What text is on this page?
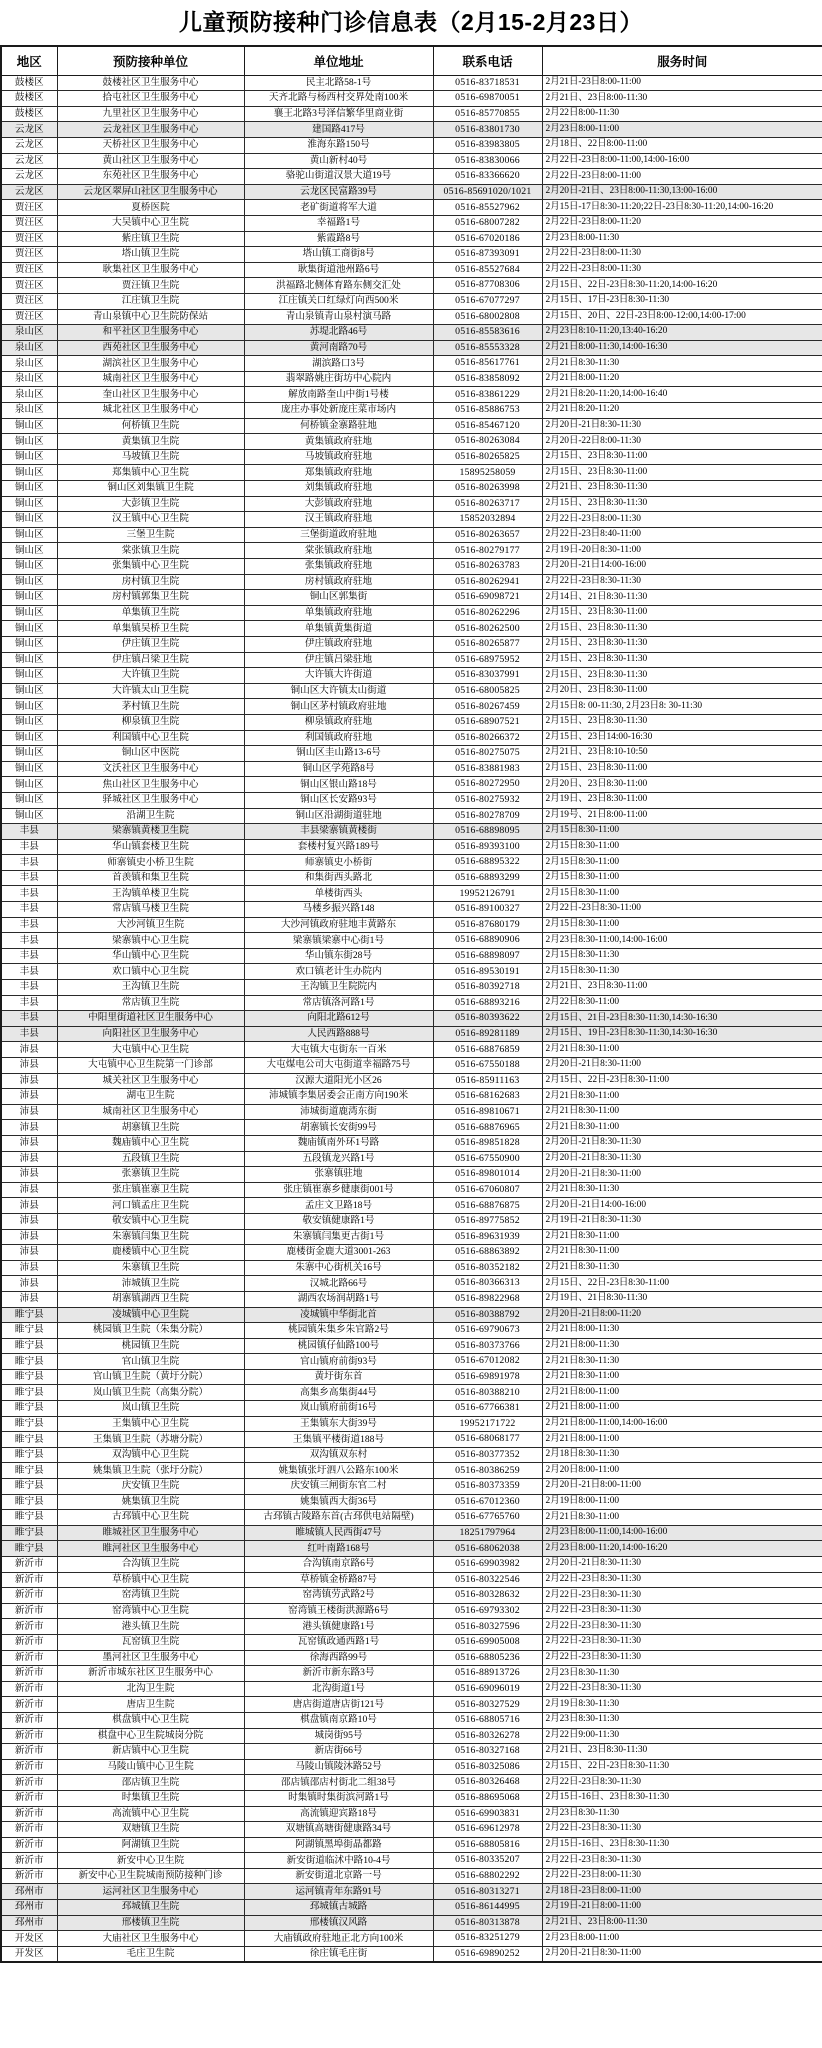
儿童预防接种门诊信息表（2月15-2月23日）
地区	预防接种单位	单位地址	联系电话	服务时间
鼓楼区	鼓楼社区卫生服务中心	民主北路58-1号	0516-83718531	2月21日-23日8:00-11:00
鼓楼区	拾屯社区卫生服务中心	天齐北路与杨西村交界处南100米	0516-69870051	2月21日、23日8:00-11:30
鼓楼区	九里社区卫生服务中心	襄王北路3号泽信繁华里商业街	0516-85770855	2月22日8:00-11:30
云龙区	云龙社区卫生服务中心	建国路417号	0516-83801730	2月23日8:00-11:00
云龙区	天桥社区卫生服务中心	淮海东路150号	0516-83983805	2月18日、22日8:00-11:00
云龙区	黄山社区卫生服务中心	黄山新村40号	0516-83830066	2月22日-23日8:00-11:00,14:00-16:00
云龙区	东苑社区卫生服务中心	骆驼山街道汉景大道19号	0516-83366620	2月22日-23日8:00-11:00
云龙区	云龙区翠屏山社区卫生服务中心	云龙区民富路39号	0516-85691020/1021	2月20日-21日、23日8:00-11:30,13:00-16:00
贾汪区	夏桥医院	老矿街道将军大道	0516-85527962	2月15日-17日8:30-11:20;22日-23日8:30-11:20,14:00-16:20
贾汪区	大吴镇中心卫生院	幸福路1号	0516-68007282	2月22日-23日8:00-11:20
贾汪区	紫庄镇卫生院	紫霞路8号	0516-67020186	2月23日8:00-11:30
贾汪区	塔山镇卫生院	塔山镇工商街8号	0516-87393091	2月22日-23日8:00-11:30
贾汪区	耿集社区卫生服务中心	耿集街道池州路6号	0516-85527684	2月22日-23日8:00-11:30
贾汪区	贾汪镇卫生院	洪福路北侧体育路东侧交汇处	0516-87708306	2月15日、22日-23日8:30-11:20,14:00-16:20
贾汪区	江庄镇卫生院	江庄镇关口红绿灯向西500米	0516-67077297	2月15日、17日-23日8:30-11:30
贾汪区	青山泉镇中心卫生院防保站	青山泉镇青山泉村演马路	0516-68002808	2月15日、20日、22日-23日8:00-12:00,14:00-17:00
泉山区	和平社区卫生服务中心	苏堤北路46号	0516-85583616	2月23日8:10-11:20,13:40-16:20
泉山区	西苑社区卫生服务中心	黄河南路70号	0516-85553328	2月21日8:00-11:30,14:00-16:30
泉山区	湖滨社区卫生服务中心	湖滨路口3号	0516-85617761	2月21日8:30-11:30
泉山区	城南社区卫生服务中心	翡翠路姚庄街坊中心院内	0516-83858092	2月21日8:00-11:20
泉山区	奎山社区卫生服务中心	解放南路奎山中街1号楼	0516-83861229	2月21日8:20-11:20,14:00-16:40
泉山区	城北社区卫生服务中心	庞庄办事处新庞庄菜市场内	0516-85886753	2月21日8:20-11:20
铜山区	何桥镇卫生院	何桥镇金寨路驻地	0516-85467120	2月20日-21日8:30-11:30
铜山区	黄集镇卫生院	黄集镇政府驻地	0516-80263084	2月20日-22日8:00-11:30
铜山区	马坡镇卫生院	马坡镇政府驻地	0516-80265825	2月15日、23日8:30-11:00
铜山区	郑集镇中心卫生院	郑集镇政府驻地	15895258059	2月15日、23日8:30-11:00
铜山区	铜山区刘集镇卫生院	刘集镇政府驻地	0516-80263998	2月21日、23日8:30-11:30
铜山区	大彭镇卫生院	大彭镇政府驻地	0516-80263717	2月15日、23日8:30-11:30
铜山区	汉王镇中心卫生院	汉王镇政府驻地	15852032894	2月22日-23日8:00-11:30
铜山区	三堡卫生院	三堡街道政府驻地	0516-80263657	2月22日-23日8:40-11:00
铜山区	棠张镇卫生院	棠张镇政府驻地	0516-80279177	2月19日-20日8:30-11:00
铜山区	张集镇中心卫生院	张集镇政府驻地	0516-80263783	2月20日-21日14:00-16:00
铜山区	房村镇卫生院	房村镇政府驻地	0516-80262941	2月22日-23日8:30-11:30
铜山区	房村镇郭集卫生院	铜山区郭集街	0516-69098721	2月14日、21日8:30-11:30
铜山区	单集镇卫生院	单集镇政府驻地	0516-80262296	2月15日、23日8:30-11:00
铜山区	单集镇吴桥卫生院	单集镇黄集街道	0516-80262500	2月15日、23日8:30-11:30
铜山区	伊庄镇卫生院	伊庄镇政府驻地	0516-80265877	2月15日、23日8:30-11:30
铜山区	伊庄镇吕梁卫生院	伊庄镇吕梁驻地	0516-68975952	2月15日、23日8:30-11:30
铜山区	大许镇卫生院	大许镇大许街道	0516-83037991	2月15日、23日8:30-11:30
铜山区	大许镇太山卫生院	铜山区大许镇太山街道	0516-68005825	2月20日、23日8:30-11:00
铜山区	茅村镇卫生院	铜山区茅村镇政府驻地	0516-80267459	2月15日8: 00-11:30, 2月23日8: 30-11:30
铜山区	柳泉镇卫生院	柳泉镇政府驻地	0516-68907521	2月15日、23日8:30-11:30
铜山区	利国镇中心卫生院	利国镇政府驻地	0516-80266372	2月15日、23日14:00-16:30
铜山区	铜山区中医院	铜山区圭山路13-6号	0516-80275075	2月21日、23日8:10-10:50
铜山区	文沃社区卫生服务中心	铜山区学苑路8号	0516-83881983	2月15日、23日8:30-11:00
铜山区	焦山社区卫生服务中心	铜山区银山路18号	0516-80272950	2月20日、23日8:30-11:00
铜山区	驿城社区卫生服务中心	铜山区长安路93号	0516-80275932	2月19日、23日8:30-11:00
铜山区	沿湖卫生院	铜山区沿湖街道驻地	0516-80278709	2月19号、21日8:00-11:00
丰县	梁寨镇黄楼卫生院	丰县梁寨镇黄楼街	0516-68898095	2月15日8:30-11:00
丰县	华山镇套楼卫生院	套楼村复兴路189号	0516-89393100	2月15日8:30-11:00
丰县	师寨镇史小桥卫生院	师寨镇史小桥街	0516-68895322	2月15日8:30-11:00
丰县	首羡镇和集卫生院	和集街西头路北	0516-68893299	2月15日8:30-11:00
丰县	王沟镇单楼卫生院	单楼街西头	19952126791	2月15日8:30-11:00
丰县	常店镇马楼卫生院	马楼乡振兴路148	0516-89100327	2月22日-23日8:30-11:00
丰县	大沙河镇卫生院	大沙河镇政府驻地丰黄路东	0516-87680179	2月15日8:30-11:00
丰县	梁寨镇中心卫生院	梁寨镇梁寨中心街1号	0516-68890906	2月23日8:30-11:00,14:00-16:00
丰县	华山镇中心卫生院	华山镇东街28号	0516-68898097	2月15日8:30-11:30
丰县	欢口镇中心卫生院	欢口镇老计生办院内	0516-89530191	2月15日8:30-11:30
丰县	王沟镇卫生院	王沟镇卫生院院内	0516-80392718	2月21日、23日8:30-11:00
丰县	常店镇卫生院	常店镇洛河路1号	0516-68893216	2月22日8:30-11:00
丰县	中阳里街道社区卫生服务中心	向阳北路612号	0516-80393622	2月15日、21日-23日8:30-11:30,14:30-16:30
丰县	向阳社区卫生服务中心	人民西路888号	0516-89281189	2月15日、19日-23日8:30-11:30,14:30-16:30
沛县	大屯镇中心卫生院	大屯镇大屯街东一百米	0516-68876859	2月21日8:30-11:00
沛县	大屯镇中心卫生院第一门诊部	大屯煤电公司大屯街道幸福路75号	0516-67550188	2月20日-21日8:30-11:00
沛县	城关社区卫生服务中心	汉源大道阳光小区26	0516-85911163	2月15日、22日-23日8:30-11:00
沛县	湖屯卫生院	沛城镇李集居委会正南方向190米	0516-68162683	2月21日8:30-11:00
沛县	城南社区卫生服务中心	沛城街道鹿湾东街	0516-89810671	2月21日8:30-11:00
沛县	胡寨镇卫生院	胡寨镇长安街99号	0516-68876965	2月21日8:30-11:00
沛县	魏庙镇中心卫生院	魏庙镇南外环1号路	0516-89851828	2月20日-21日8:30-11:30
沛县	五段镇卫生院	五段镇龙兴路1号	0516-67550900	2月20日-21日8:30-11:30
沛县	张寨镇卫生院	张寨镇驻地	0516-89801014	2月20日-21日8:30-11:00
沛县	张庄镇崔寨卫生院	张庄镇崔寨乡健康街001号	0516-67060807	2月21日8:30-11:30
沛县	河口镇孟庄卫生院	孟庄文卫路18号	0516-68876875	2月20日-21日14:00-16:00
沛县	敬安镇中心卫生院	敬安镇健康路1号	0516-89775852	2月19日-21日8:30-11:30
沛县	朱寨镇闫集卫生院	朱寨镇闫集更古街1号	0516-89631939	2月21日8:30-11:00
沛县	鹿楼镇中心卫生院	鹿楼街金鹿大道3001-263	0516-68863892	2月21日8:30-11:00
沛县	朱寨镇卫生院	朱寨中心街机关16号	0516-80352182	2月21日8:30-11:30
沛县	沛城镇卫生院	汉城北路66号	0516-80366313	2月15日、22日-23日8:30-11:00
沛县	胡寨镇湖西卫生院	湖西农场润胡路1号	0516-89822968	2月19日、21日8:30-11:30
睢宁县	凌城镇中心卫生院	凌城镇中华街北首	0516-80388792	2月20日-21日8:00-11:20
睢宁县	桃园镇卫生院（朱集分院）	桃园镇朱集乡朱官路2号	0516-69790673	2月21日8:00-11:30
睢宁县	桃园镇卫生院	桃园镇仔仙路100号	0516-80373766	2月21日8:00-11:30
睢宁县	官山镇卫生院	官山镇府前街93号	0516-67012082	2月21日8:30-11:30
睢宁县	官山镇卫生院（黄圩分院）	黄圩街东首	0516-69891978	2月21日8:30-11:00
睢宁县	岚山镇卫生院（高集分院）	高集乡高集街44号	0516-80388210	2月21日8:00-11:00
睢宁县	岚山镇卫生院	岚山镇府前街16号	0516-67766381	2月21日8:00-11:00
睢宁县	王集镇中心卫生院	王集镇东大街39号	19952171722	2月21日8:00-11:00,14:00-16:00
睢宁县	王集镇卫生院（苏塘分院）	王集镇平楼街道188号	0516-68068177	2月21日8:00-11:00
睢宁县	双沟镇中心卫生院	双沟镇双东村	0516-80377352	2月18日8:30-11:30
睢宁县	姚集镇卫生院（张圩分院）	姚集镇张圩泗八公路东100米	0516-80386259	2月20日8:00-11:00
睢宁县	庆安镇卫生院	庆安镇三闸街东官二村	0516-80373359	2月20日-21日8:00-11:00
睢宁县	姚集镇卫生院	姚集镇西大街36号	0516-67012360	2月19日8:00-11:00
睢宁县	古邳镇中心卫生院	古邳镇古陵路东首(古邳供电站隔壁)	0516-67765760	2月21日8:30-11:00
睢宁县	睢城社区卫生服务中心	睢城镇人民西街47号	18251797964	2月23日8:00-11:00,14:00-16:00
睢宁县	睢河社区卫生服务中心	红叶南路168号	0516-68062038	2月23日8:00-11:20,14:00-16:20
新沂市	合沟镇卫生院	合沟镇南京路6号	0516-69903982	2月20日-21日8:30-11:30
新沂市	草桥镇中心卫生院	草桥镇金桥路87号	0516-80322546	2月22日-23日8:30-11:30
新沂市	窑湾镇卫生院	窑湾镇劳武路2号	0516-80328632	2月22日-23日8:30-11:30
新沂市	窑湾镇中心卫生院	窑湾镇王楼街洪源路6号	0516-69793302	2月22日-23日8:30-11:30
新沂市	港头镇卫生院	港头镇健康路1号	0516-80327596	2月22日-23日8:30-11:30
新沂市	瓦窑镇卫生院	瓦窑镇政通西路1号	0516-69905008	2月22日-23日8:30-11:30
新沂市	墨河社区卫生服务中心	徐海西路99号	0516-68805236	2月22日-23日8:30-11:30
新沂市	新沂市城东社区卫生服务中心	新沂市新东路3号	0516-88913726	2月23日8:30-11:30
新沂市	北沟卫生院	北沟街道1号	0516-69096019	2月22日-23日8:30-11:30
新沂市	唐店卫生院	唐店街道唐店街121号	0516-80327529	2月19日8:30-11:30
新沂市	棋盘镇中心卫生院	棋盘镇南京路10号	0516-68805716	2月23日8:30-11:30
新沂市	棋盘中心卫生院城岗分院	城岗街95号	0516-80326278	2月22日9:00-11:30
新沂市	新店镇中心卫生院	新店街66号	0516-80327168	2月21日、23日8:30-11:30
新沂市	马陵山镇中心卫生院	马陵山镇陵沐路52号	0516-80325086	2月15日、22日-23日8:30-11:30
新沂市	邵店镇卫生院	邵店镇邵店村街北二组38号	0516-80326468	2月22日-23日8:30-11:30
新沂市	时集镇卫生院	时集镇时集街滨河路1号	0516-88695068	2月15日-16日、23日8:30-11:30
新沂市	高流镇中心卫生院	高流镇迎宾路18号	0516-69903831	2月23日8:30-11:30
新沂市	双塘镇卫生院	双塘镇高塘街健康路34号	0516-69612978	2月22日-23日8:30-11:30
新沂市	阿湖镇卫生院	阿湖镇黑埠街晶都路	0516-68805816	2月15日-16日、23日8:30-11:30
新沂市	新安中心卫生院	新安街道临沭中路10-4号	0516-80335207	2月22日-23日8:30-11:30
新沂市	新安中心卫生院城南预防接种门诊	新安街道北京路一号	0516-68802292	2月22日-23日8:00-11:30
邳州市	运河社区卫生服务中心	运河镇青年东路91号	0516-80313271	2月18日-23日8:00-11:00
邳州市	邳城镇卫生院	邳城镇古城路	0516-86144995	2月19日-21日8:00-11:00
邳州市	邢楼镇卫生院	邢楼镇汉风路	0516-80313878	2月21日、23日8:00-11:30
开发区	大庙社区卫生服务中心	大庙镇政府驻地正北方向100米	0516-83251279	2月23日8:00-11:00
开发区	毛庄卫生院	徐庄镇毛庄街	0516-69890252	2月20日-21日8:30-11:00
